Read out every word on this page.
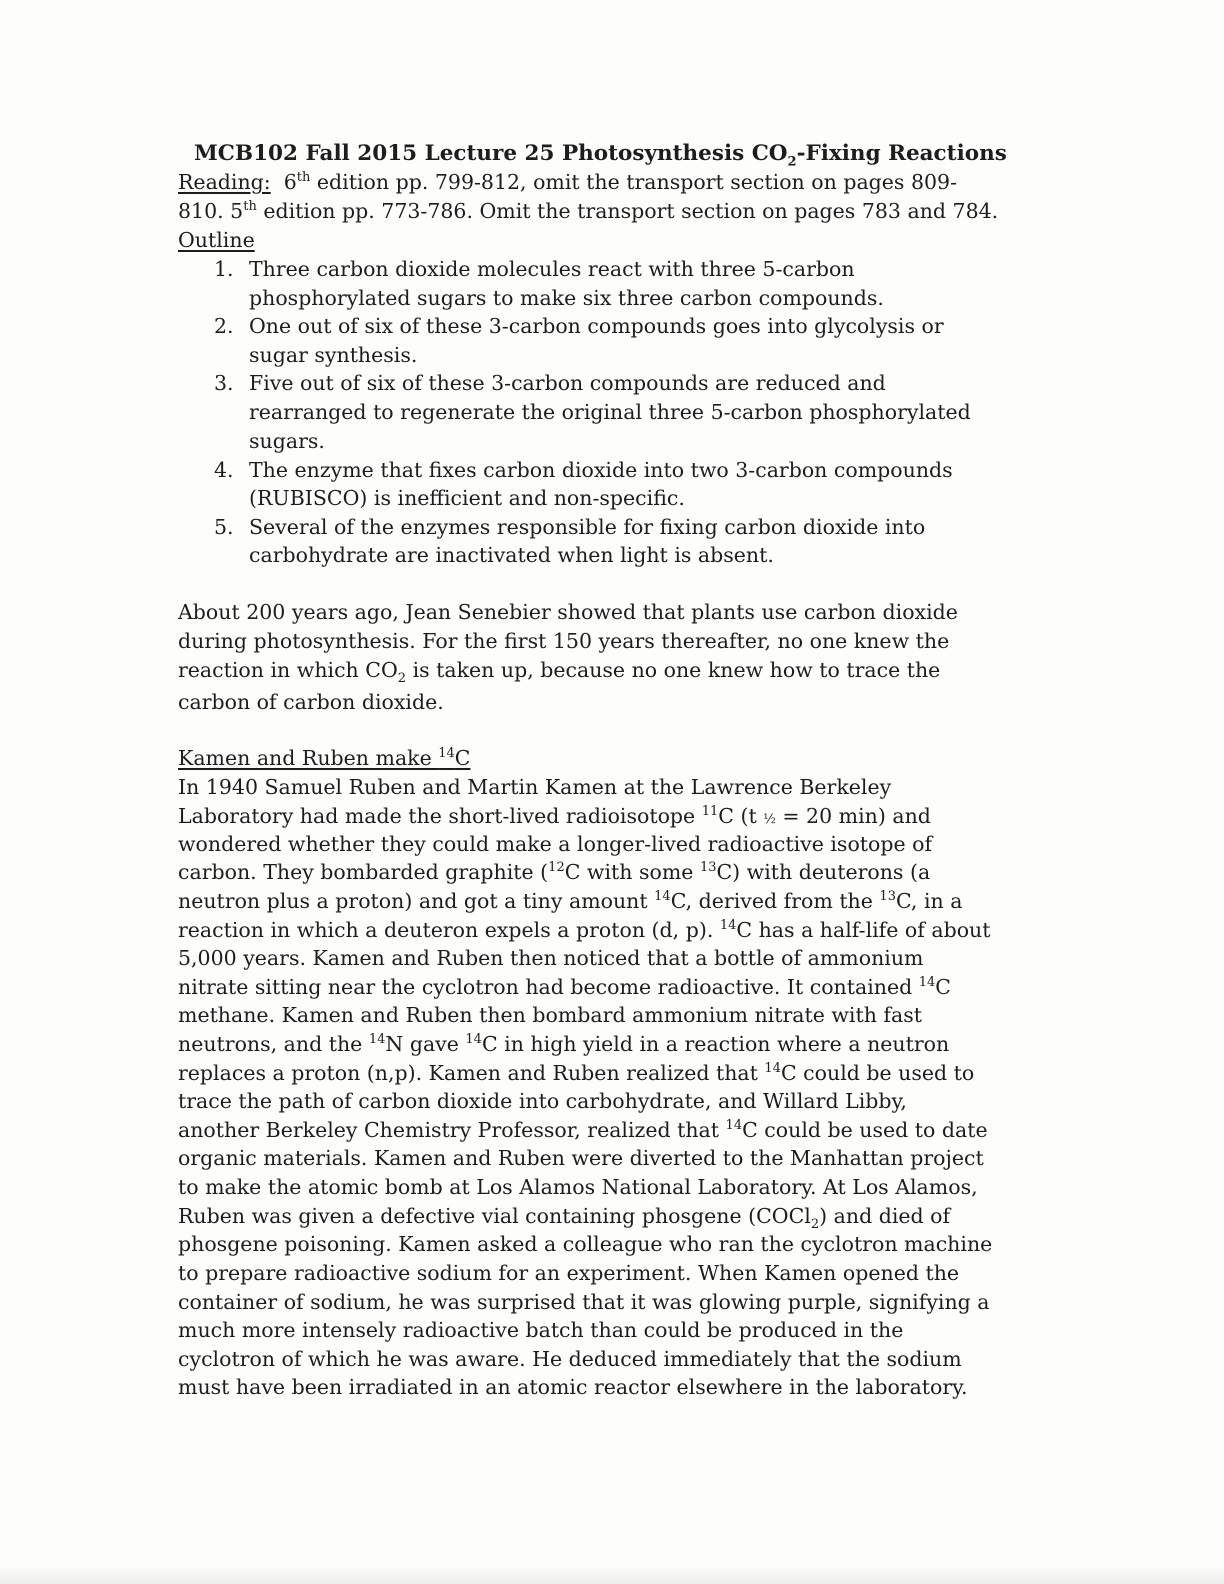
MCB102 Fall 2015 Lecture 25 Photosynthesis $CO_2$-Fixing Reactions
Reading: 6th edition pp. 799-812, omit the transport section on pages 809-
810. 5th edition pp. 773-786. Omit the transport section on pages 783 and 784.
Outline
1. Three carbon dioxide molecules react with three 5-carbon
phosphorylated sugars to make six three carbon compounds.
2. One out of six of these 3-carbon compounds goes into glycolysis or
sugar synthesis.
3. Five out of six of these 3-carbon compounds are reduced and
rearranged to regenerate the original three 5-carbon phosphorylated
sugars.
4. The enzyme that fixes carbon dioxide into two 3-carbon compounds
(RUBISCO) is inefficient and non-specific.
5. Several of the enzymes responsible for fixing carbon dioxide into
carbohydrate are inactivated when light is absent.
About 200 years ago, Jean Senebier showed that plants use carbon dioxide
during photosynthesis. For the first 150 years thereafter, no one knew the
reaction in which $CO_2$ is taken up, because no one knew how to trace the
carbon of carbon dioxide.
Kamen and Ruben make $^{14}$C
In 1940 Samuel Ruben and Martin Kamen at the Lawrence Berkeley
Laboratory had made the short-lived radioisotope $^{11}$C (t ½ = 20 min) and
wondered whether they could make a longer-lived radioactive isotope of
carbon. They bombarded graphite ($^{12}$C with some $^{13}$C) with deuterons (a
neutron plus a proton) and got a tiny amount $^{14}$C, derived from the $^{13}$C, in a
reaction in which a deuteron expels a proton (d, p). $^{14}$C has a half-life of about
5,000 years. Kamen and Ruben then noticed that a bottle of ammonium
nitrate sitting near the cyclotron had become radioactive. It contained $^{14}$C
methane. Kamen and Ruben then bombard ammonium nitrate with fast
neutrons, and the $^{14}$N gave $^{14}$C in high yield in a reaction where a neutron
replaces a proton (n,p). Kamen and Ruben realized that $^{14}$C could be used to
trace the path of carbon dioxide into carbohydrate, and Willard Libby,
another Berkeley Chemistry Professor, realized that $^{14}$C could be used to date
organic materials. Kamen and Ruben were diverted to the Manhattan project
to make the atomic bomb at Los Alamos National Laboratory. At Los Alamos,
Ruben was given a defective vial containing phosgene (COCl$_2$) and died of
phosgene poisoning. Kamen asked a colleague who ran the cyclotron machine
to prepare radioactive sodium for an experiment. When Kamen opened the
container of sodium, he was surprised that it was glowing purple, signifying a
much more intensely radioactive batch than could be produced in the
cyclotron of which he was aware. He deduced immediately that the sodium
must have been irradiated in an atomic reactor elsewhere in the laboratory.
